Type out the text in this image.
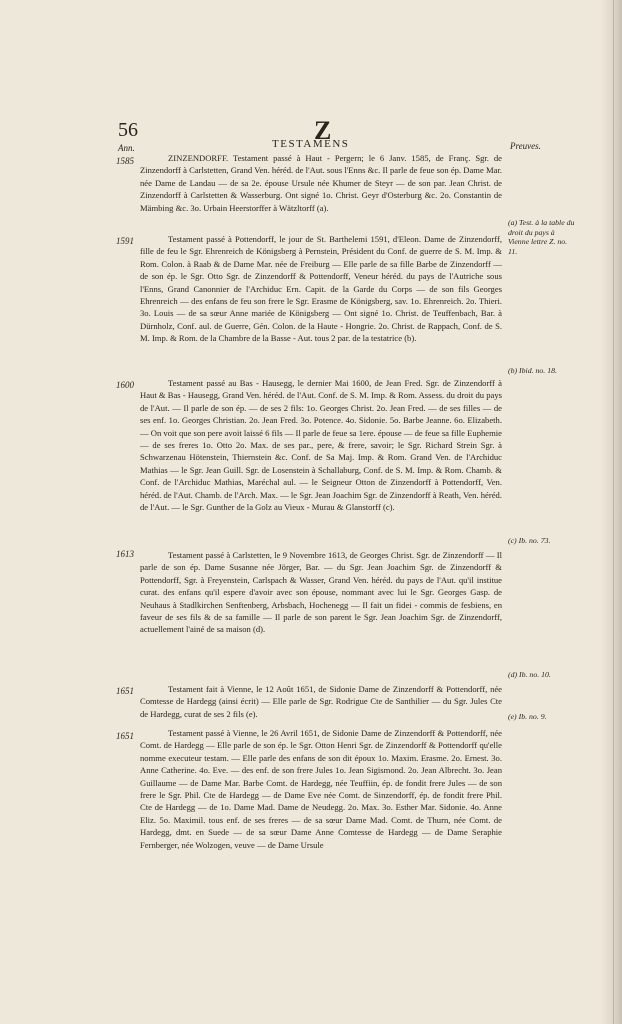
56	Z
TESTAMENS
Ann.	Preuves.
1585	ZINZENDORFF. Testament passé à Haut - Pergern; le 6 Janv. 1585, de Franç. Sgr. de Zinzendorff à Carlstetten, Grand Ven. héréd. de l'Aut. sous l'Enns &c. Il parle de feue son ép. Dame Mar. née Dame de Landau — de sa 2e. épouse Ursule née Khumer de Steyr — de son par. Jean Christ. de Zinzendorff à Carlstetten & Wasserburg. Ont signé 1o. Christ. Geyr d'Osterburg &c. 2o. Constantin de Mämbing &c. 3o. Urbain Heerstorffer à Wätzltorff (a).
1591	Testament passé à Pottendorff, le jour de St. Barthelemi 1591, d'Eleon. Dame de Zinzendorff, fille de feu le Sgr. Ehrenreich de Königsberg à Pernstein, Président du Conf. de guerre de S. M. Imp. & Rom. Colon. à Raab & de Dame Mar. née de Freiburg — Elle parle de sa fille Barbe de Zinzendorff — de son ép. le Sgr. Otto Sgr. de Zinzendorff & Pottendorff, Veneur héréd. du pays de l'Autriche sous l'Enns, Grand Canonnier de l'Archiduc Ern. Capit. de la Garde du Corps — de son fils Georges Ehrenreich — des enfans de feu son frere le Sgr. Erasme de Königsberg, sav. 1o. Ehrenreich. 2o. Thieri. 3o. Louis — de sa sœur Anne mariée de Königsberg — Ont signé 1o. Christ. de Teuffenbach, Bar. à Dürnholz, Conf. aul. de Guerre, Gén. Colon. de la Haute - Hongrie. 2o. Christ. de Rappach, Conf. de S. M. Imp. & Rom. de la Chambre de la Basse - Aut. tous 2 par. de la testatrice (b).
(a) Test. à la table du droit du pays à Vienne lettre Z. no. 11.
(b) Ibid. no. 18.
1600	Testament passé au Bas - Hausegg, le dernier Mai 1600, de Jean Fred. Sgr. de Zinzendorff à Haut & Bas - Hausegg, Grand Ven. héréd. de l'Aut. Conf. de S. M. Imp. & Rom. Assess. du droit du pays de l'Aut. — Il parle de son ép. — de ses 2 fils: 1o. Georges Christ. 2o. Jean Fred. — de ses filles — de ses enf. 1o. Georges Christian. 2o. Jean Fred. 3o. Potence. 4o. Sidonie. 5o. Barbe Jeanne. 6o. Elizabeth. — On voit que son pere avoit laissé 6 fils — Il parle de feue sa 1ere. épouse — de feue sa fille Euphemie — de ses freres 1o. Otto 2o. Max. de ses par., pere, & frere, savoir; le Sgr. Richard Strein Sgr. à Schwarzenau Hötenstein, Thiernstein &c. Conf. de Sa Maj. Imp. & Rom. Grand Ven. de l'Archiduc Mathias — le Sgr. Jean Guill. Sgr. de Losenstein à Schallaburg, Conf. de S. M. Imp. & Rom. Chamb. & Conf. de l'Archiduc Mathias, Maréchal aul. — le Seigneur Otton de Zinzendorff à Pottendorff, Ven. héréd. de l'Aut. Chamb. de l'Arch. Max. — le Sgr. Jean Joachim Sgr. de Zinzendorff à Reath, Ven. héréd. de l'Aut. — le Sgr. Gunther de la Golz au Vieux - Murau & Glanstorff (c).
(c) Ib. no. 73.
1613	Testament passé à Carlstetten, le 9 Novembre 1613, de Georges Christ. Sgr. de Zinzendorff — Il parle de son ép. Dame Susanne née Jörger, Bar. — du Sgr. Jean Joachim Sgr. de Zinzendorff & Pottendorff, Sgr. à Freyenstein, Carlspach & Wasser, Grand Ven. héréd. du pays de l'Aut. qu'il institue curat. des enfans qu'il espere d'avoir avec son épouse, nommant avec lui le Sgr. Georges Gasp. de Neuhaus à Stadlkirchen Senftenberg, Arbsbach, Hochenegg — Il fait un fidei - commis de fesbiens, en faveur de ses fils & de sa famille — Il parle de son parent le Sgr. Jean Joachim Sgr. de Zinzendorff, actuellement l'ainé de sa maison (d).
(d) Ib. no. 10.
1651	Testament fait à Vienne, le 12 Août 1651, de Sidonie Dame de Zinzendorff & Pottendorff, née Comtesse de Hardegg (ainsi écrit) — Elle parle de Sgr. Rodrigue Cte de Santhilier — du Sgr. Jules Cte de Hardegg, curat de ses 2 fils (e).	(e) Ib. no. 9.
1651	Testament passé à Vienne, le 26 Avril 1651, de Sidonie Dame de Zinzendorff & Pottendorff, née Comt. de Hardegg — Elle parle de son ép. le Sgr. Otton Henri Sgr. de Zinzendorff & Pottendorff qu'elle nomme executeur testam. — Elle parle des enfans de son dit époux 1o. Maxim. Erasme. 2o. Ernest. 3o. Anne Catherine. 4o. Eve. — des enf. de son frere Jules 1o. Jean Sigismond. 2o. Jean Albrecht. 3o. Jean Guillaume — de Dame Mar. Barbe Comt. de Hardegg, née Teuffiin, ép. de fondit frere Jules — de son frere le Sgr. Phil. Cte de Hardegg — de Dame Eve née Comt. de Sinzendorff, ép. de fondit frere Phil. Cte de Hardegg — de 1o. Dame Mad. Dame de Neudegg. 2o. Max. 3o. Esther Mar. Sidonie. 4o. Anne Eliz. 5o. Maximil. tous enf. de ses freres — de sa sœur Dame Mad. Comt. de Thurn, née Comt. de Hardegg, dmt. en Suede — de sa sœur Dame Anne Comtesse de Hardegg — de Dame Seraphie Fernberger, née Wolzogen, veuve — de Dame Ursule
